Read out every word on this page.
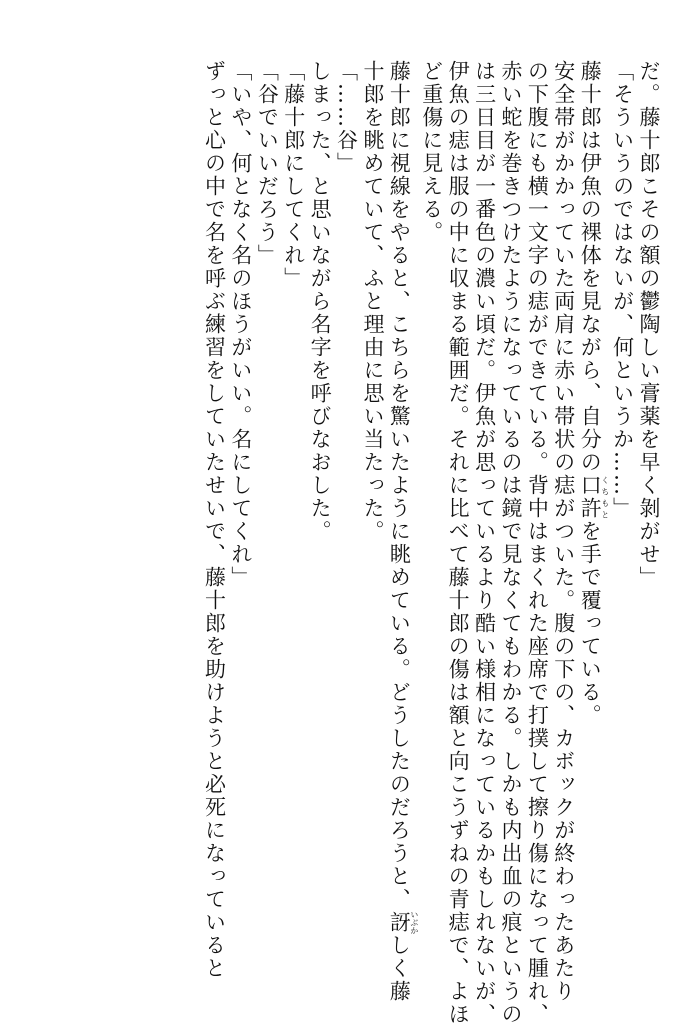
だ。藤十郎こその額の鬱陶しい膏薬を早く剝がせ」
「そういうのではないが、何というか……」
藤十郎は伊魚の裸体を見ながら、自分の口許くちもとを手で覆っている。
安全帯がかかっていた両肩に赤い帯状の痣がついた。腹の下の、カボックが終わったあたり
の下腹にも横一文字の痣ができている。背中はまくれた座席で打撲して擦り傷になって腫れ、
赤い蛇を巻きつけたようになっているのは鏡で見なくてもわかる。しかも内出血の痕というの
は三日目が一番色の濃い頃だ。伊魚が思っているより酷い様相になっているかもしれないが、
伊魚の痣は服の中に収まる範囲だ。それに比べて藤十郎の傷は額と向こうずねの青痣で、よほ
ど重傷に見える。
藤十郎に視線をやると、こちらを驚いたように眺めている。どうしたのだろうと、訝いぶかしく藤
十郎を眺めていて、ふと理由に思い当たった。
「……谷」
しまった、と思いながら名字を呼びなおした。
「藤十郎にしてくれ」
「谷でいいだろう」
「いや、何となく名のほうがいい。名にしてくれ」
ずっと心の中で名を呼ぶ練習をしていたせいで、藤十郎を助けようと必死になっていると
